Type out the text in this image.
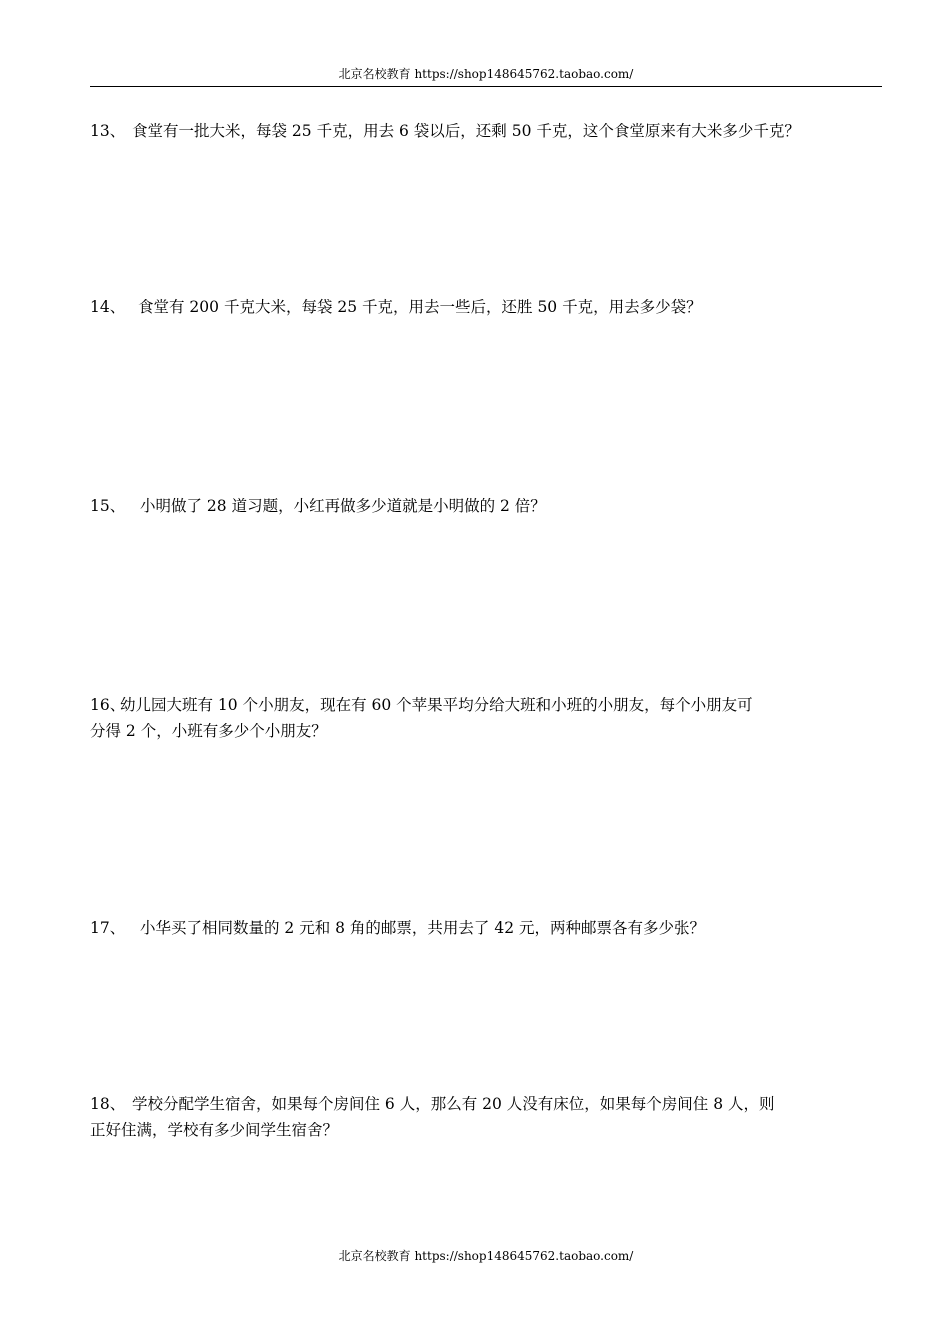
北京名校教育 https://shop148645762.taobao.com/
13、 食堂有一批大米，每袋 25 千克，用去 6 袋以后，还剩 50 千克，这个食堂原来有大米多少千克？
14、 食堂有 200 千克大米，每袋 25 千克，用去一些后，还胜 50 千克，用去多少袋？
15、 小明做了 28 道习题，小红再做多少道就是小明做的 2 倍？
16、幼儿园大班有 10 个小朋友，现在有 60 个苹果平均分给大班和小班的小朋友，每个小朋友可
分得 2 个，小班有多少个小朋友？
17、 小华买了相同数量的 2 元和 8 角的邮票，共用去了 42 元，两种邮票各有多少张？
18、 学校分配学生宿舍，如果每个房间住 6 人，那么有 20 人没有床位，如果每个房间住 8 人，则
正好住满，学校有多少间学生宿舍？
北京名校教育 https://shop148645762.taobao.com/
